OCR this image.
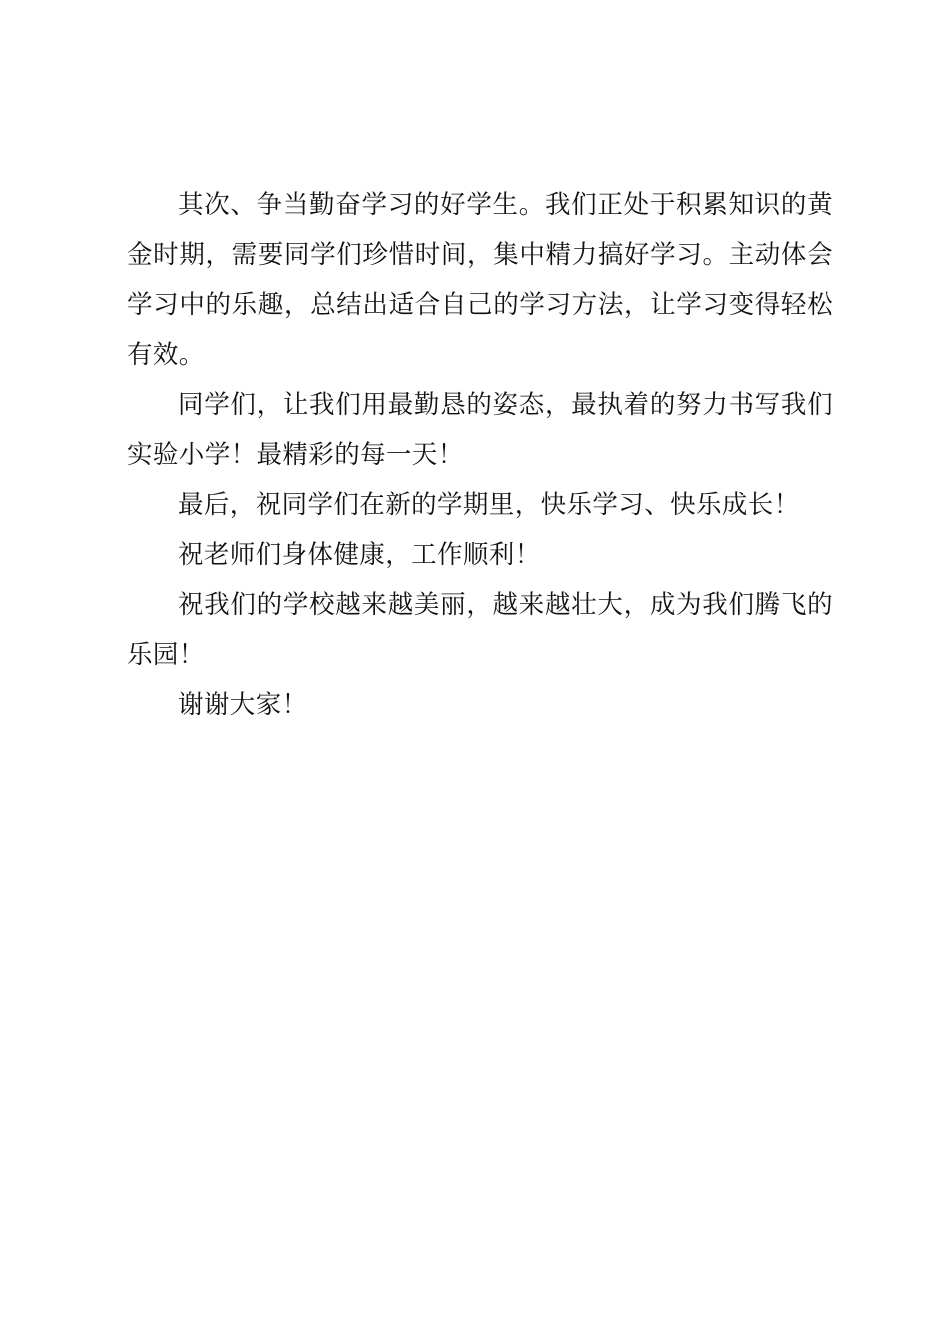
其次、争当勤奋学习的好学生。我们正处于积累知识的黄金时期，需要同学们珍惜时间，集中精力搞好学习。主动体会学习中的乐趣，总结出适合自己的学习方法，让学习变得轻松有效。

同学们，让我们用最勤恳的姿态，最执着的努力书写我们实验小学！最精彩的每一天！

最后，祝同学们在新的学期里，快乐学习、快乐成长！

祝老师们身体健康，工作顺利！

祝我们的学校越来越美丽，越来越壮大，成为我们腾飞的乐园！

谢谢大家！
